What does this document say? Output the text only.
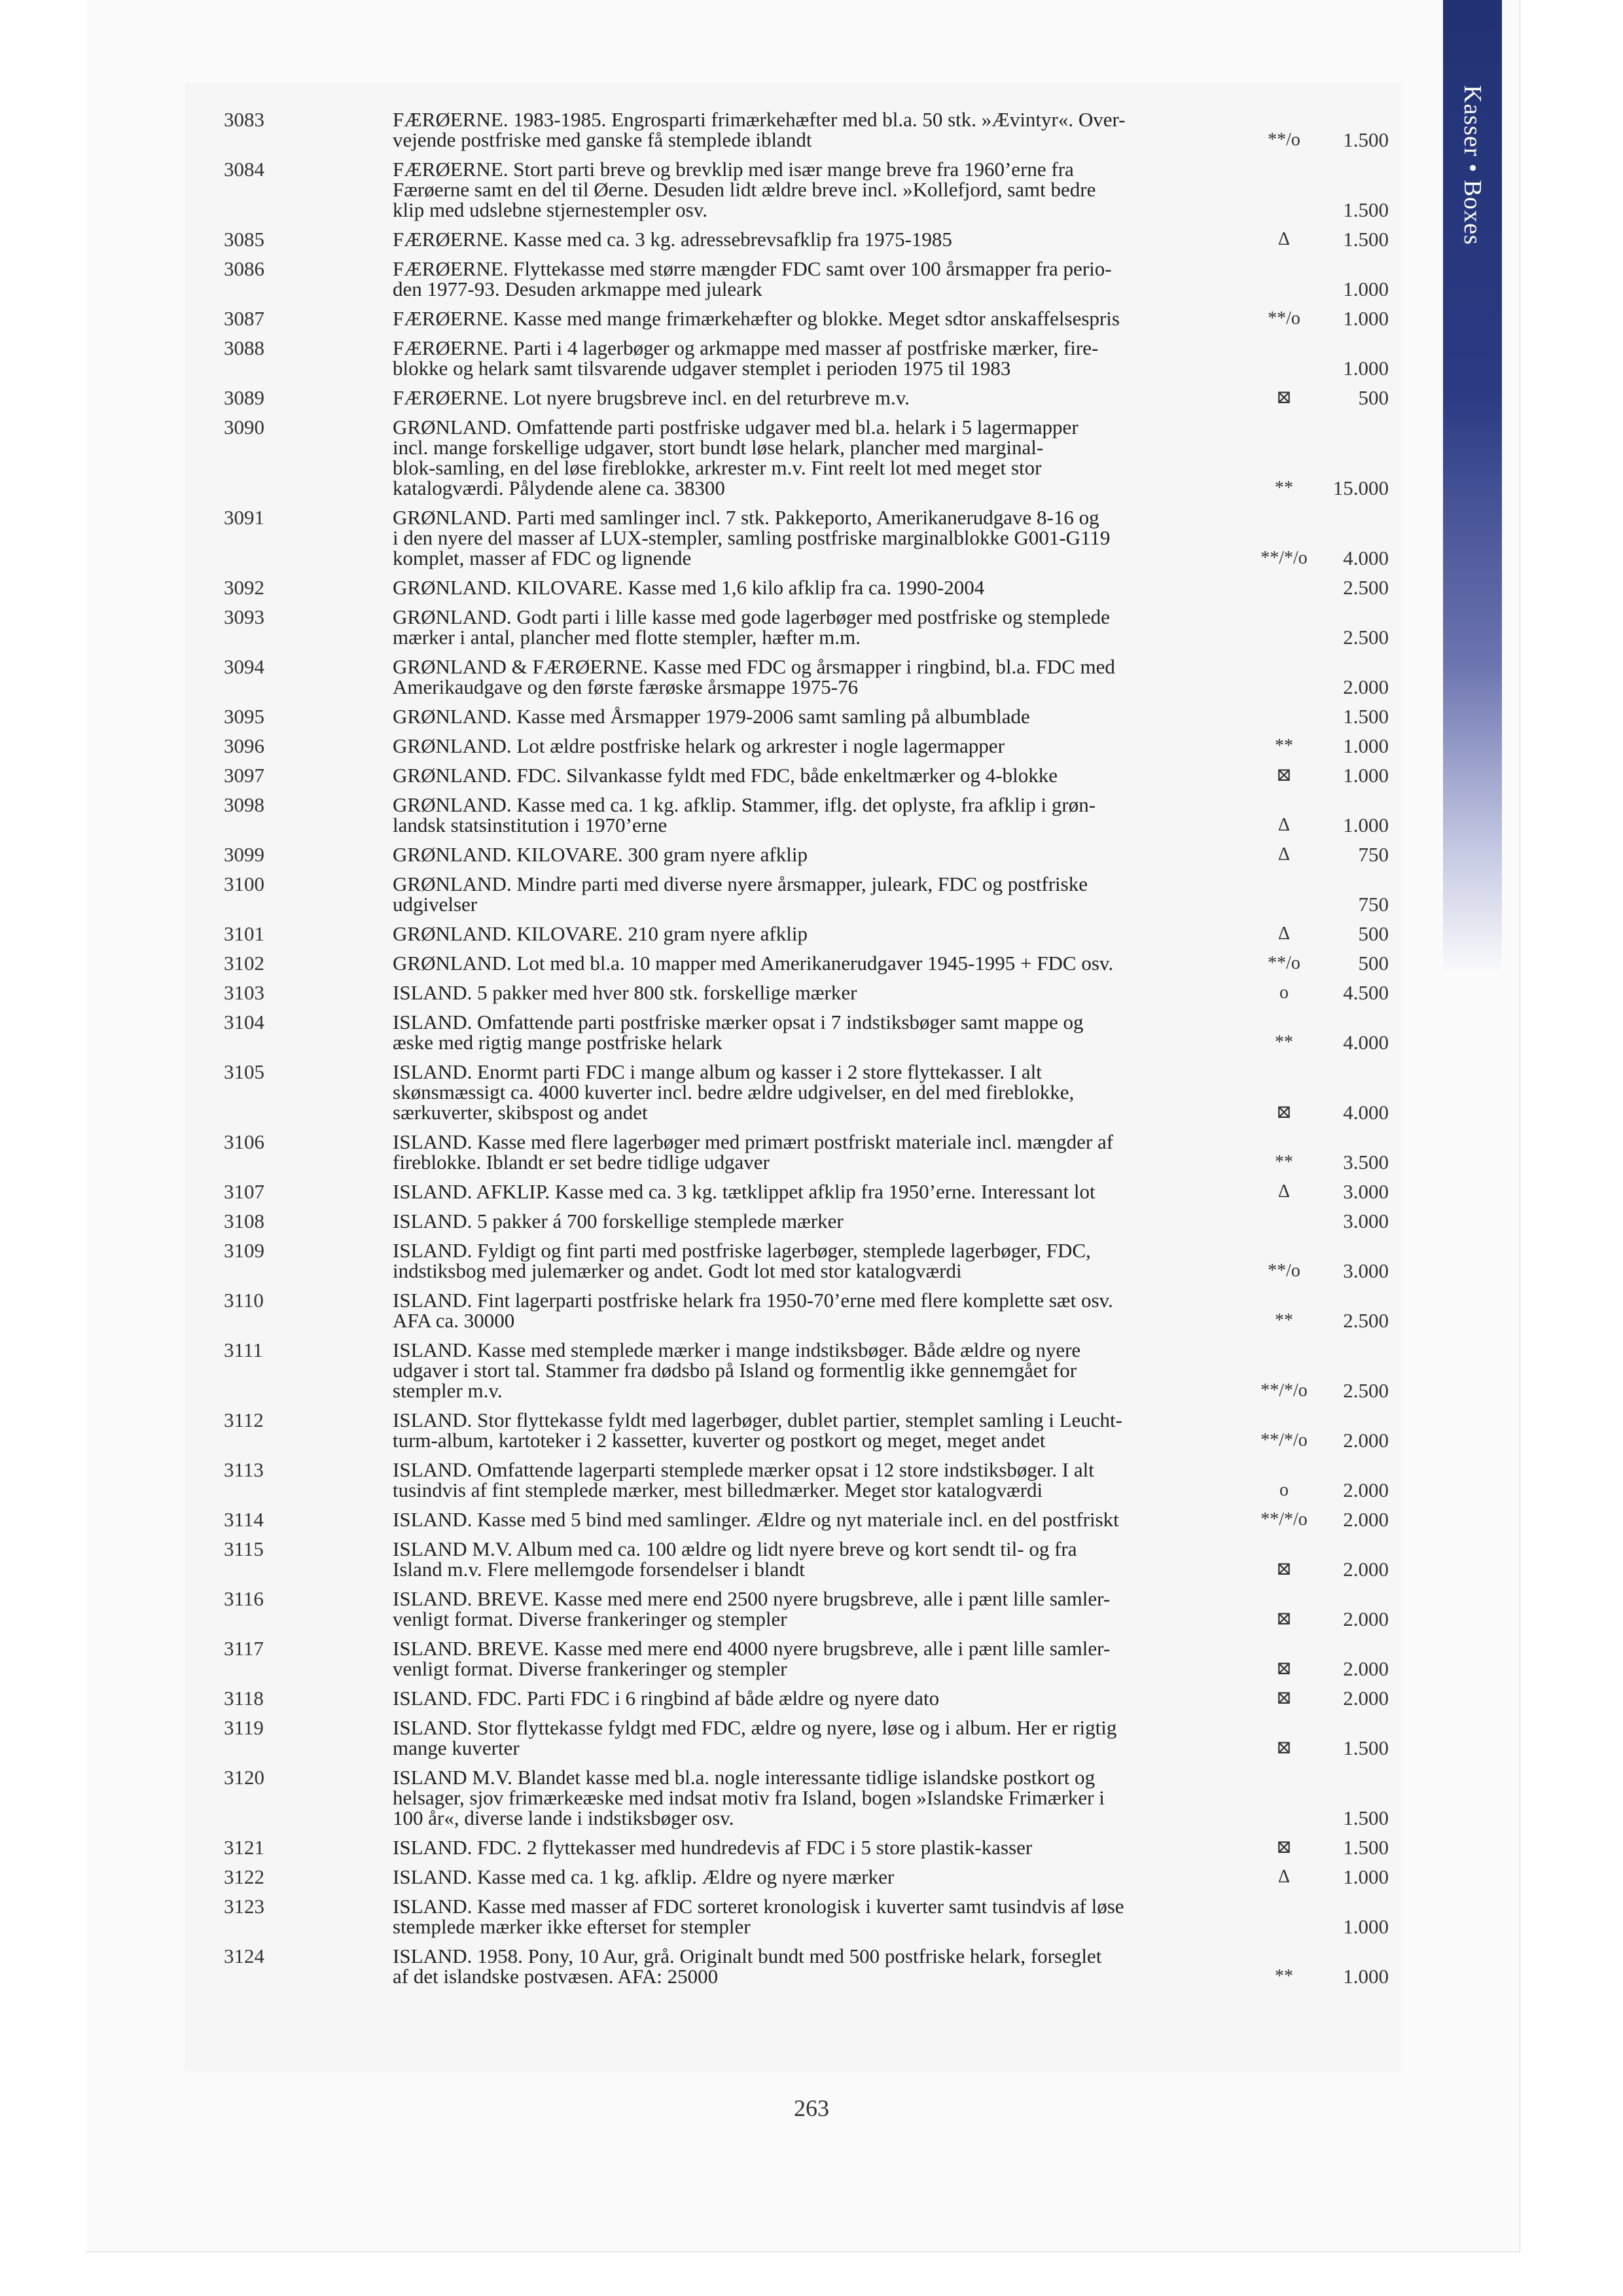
Kasser • Boxes
3083	FÆRØERNE. 1983-1985. Engrosparti frimærkehæfter med bl.a. 50 stk. »Ævintyr«. Over-
vejende postfriske med ganske få stemplede iblandt	**/o	1.500
3084	FÆRØERNE. Stort parti breve og brevklip med især mange breve fra 1960’erne fra
Færøerne samt en del til Øerne. Desuden lidt ældre breve incl. »Kollefjord, samt bedre
klip med udslebne stjernestempler osv.	1.500
3085	FÆRØERNE. Kasse med ca. 3 kg. adressebrevsafklip fra 1975-1985	Δ	1.500
3086	FÆRØERNE. Flyttekasse med større mængder FDC samt over 100 årsmapper fra perio-
den 1977-93. Desuden arkmappe med juleark	1.000
3087	FÆRØERNE. Kasse med mange frimærkehæfter og blokke. Meget sdtor anskaffelsespris	**/o	1.000
3088	FÆRØERNE. Parti i 4 lagerbøger og arkmappe med masser af postfriske mærker, fire-
blokke og helark samt tilsvarende udgaver stemplet i perioden 1975 til 1983	1.000
3089	FÆRØERNE. Lot nyere brugsbreve incl. en del returbreve m.v.	⊠	500
3090	GRØNLAND. Omfattende parti postfriske udgaver med bl.a. helark i 5 lagermapper
incl. mange forskellige udgaver, stort bundt løse helark, plancher med marginal-
blok-samling, en del løse fireblokke, arkrester m.v. Fint reelt lot med meget stor
katalogværdi. Pålydende alene ca. 38300	**	15.000
3091	GRØNLAND. Parti med samlinger incl. 7 stk. Pakkeporto, Amerikanerudgave 8-16 og
i den nyere del masser af LUX-stempler, samling postfriske marginalblokke G001-G119
komplet, masser af FDC og lignende	**/*/o	4.000
3092	GRØNLAND. KILOVARE. Kasse med 1,6 kilo afklip fra ca. 1990-2004	2.500
3093	GRØNLAND. Godt parti i lille kasse med gode lagerbøger med postfriske og stemplede
mærker i antal, plancher med flotte stempler, hæfter m.m.	2.500
3094	GRØNLAND & FÆRØERNE. Kasse med FDC og årsmapper i ringbind, bl.a. FDC med
Amerikaudgave og den første færøske årsmappe 1975-76	2.000
3095	GRØNLAND. Kasse med Årsmapper 1979-2006 samt samling på albumblade	1.500
3096	GRØNLAND. Lot ældre postfriske helark og arkrester i nogle lagermapper	**	1.000
3097	GRØNLAND. FDC. Silvankasse fyldt med FDC, både enkeltmærker og 4-blokke	⊠	1.000
3098	GRØNLAND. Kasse med ca. 1 kg. afklip. Stammer, iflg. det oplyste, fra afklip i grøn-
landsk statsinstitution i 1970’erne	Δ	1.000
3099	GRØNLAND. KILOVARE. 300 gram nyere afklip	Δ	750
3100	GRØNLAND. Mindre parti med diverse nyere årsmapper, juleark, FDC og postfriske
udgivelser	750
3101	GRØNLAND. KILOVARE. 210 gram nyere afklip	Δ	500
3102	GRØNLAND. Lot med bl.a. 10 mapper med Amerikanerudgaver 1945-1995 + FDC osv.	**/o	500
3103	ISLAND. 5 pakker med hver 800 stk. forskellige mærker	o	4.500
3104	ISLAND. Omfattende parti postfriske mærker opsat i 7 indstiksbøger samt mappe og
æske med rigtig mange postfriske helark	**	4.000
3105	ISLAND. Enormt parti FDC i mange album og kasser i 2 store flyttekasser. I alt
skønsmæssigt ca. 4000 kuverter incl. bedre ældre udgivelser, en del med fireblokke,
særkuverter, skibspost og andet	⊠	4.000
3106	ISLAND. Kasse med flere lagerbøger med primært postfriskt materiale incl. mængder af
fireblokke. Iblandt er set bedre tidlige udgaver	**	3.500
3107	ISLAND. AFKLIP. Kasse med ca. 3 kg. tætklippet afklip fra 1950’erne. Interessant lot	Δ	3.000
3108	ISLAND. 5 pakker á 700 forskellige stemplede mærker	3.000
3109	ISLAND. Fyldigt og fint parti med postfriske lagerbøger, stemplede lagerbøger, FDC,
indstiksbog med julemærker og andet. Godt lot med stor katalogværdi	**/o	3.000
3110	ISLAND. Fint lagerparti postfriske helark fra 1950-70’erne med flere komplette sæt osv.
AFA ca. 30000	**	2.500
3111	ISLAND. Kasse med stemplede mærker i mange indstiksbøger. Både ældre og nyere
udgaver i stort tal. Stammer fra dødsbo på Island og formentlig ikke gennemgået for
stempler m.v.	**/*/o	2.500
3112	ISLAND. Stor flyttekasse fyldt med lagerbøger, dublet partier, stemplet samling i Leucht-
turm-album, kartoteker i 2 kassetter, kuverter og postkort og meget, meget andet	**/*/o	2.000
3113	ISLAND. Omfattende lagerparti stemplede mærker opsat i 12 store indstiksbøger. I alt
tusindvis af fint stemplede mærker, mest billedmærker. Meget stor katalogværdi	o	2.000
3114	ISLAND. Kasse med 5 bind med samlinger. Ældre og nyt materiale incl. en del postfriskt	**/*/o	2.000
3115	ISLAND M.V. Album med ca. 100 ældre og lidt nyere breve og kort sendt til- og fra
Island m.v. Flere mellemgode forsendelser i blandt	⊠	2.000
3116	ISLAND. BREVE. Kasse med mere end 2500 nyere brugsbreve, alle i pænt lille samler-
venligt format. Diverse frankeringer og stempler	⊠	2.000
3117	ISLAND. BREVE. Kasse med mere end 4000 nyere brugsbreve, alle i pænt lille samler-
venligt format. Diverse frankeringer og stempler	⊠	2.000
3118	ISLAND. FDC. Parti FDC i 6 ringbind af både ældre og nyere dato	⊠	2.000
3119	ISLAND. Stor flyttekasse fyldgt med FDC, ældre og nyere, løse og i album. Her er rigtig
mange kuverter	⊠	1.500
3120	ISLAND M.V. Blandet kasse med bl.a. nogle interessante tidlige islandske postkort og
helsager, sjov frimærkeæske med indsat motiv fra Island, bogen »Islandske Frimærker i
100 år«, diverse lande i indstiksbøger osv.	1.500
3121	ISLAND. FDC. 2 flyttekasser med hundredevis af FDC i 5 store plastik-kasser	⊠	1.500
3122	ISLAND. Kasse med ca. 1 kg. afklip. Ældre og nyere mærker	Δ	1.000
3123	ISLAND. Kasse med masser af FDC sorteret kronologisk i kuverter samt tusindvis af løse
stemplede mærker ikke efterset for stempler	1.000
3124	ISLAND. 1958. Pony, 10 Aur, grå. Originalt bundt med 500 postfriske helark, forseglet
af det islandske postvæsen. AFA: 25000	**	1.000
263
